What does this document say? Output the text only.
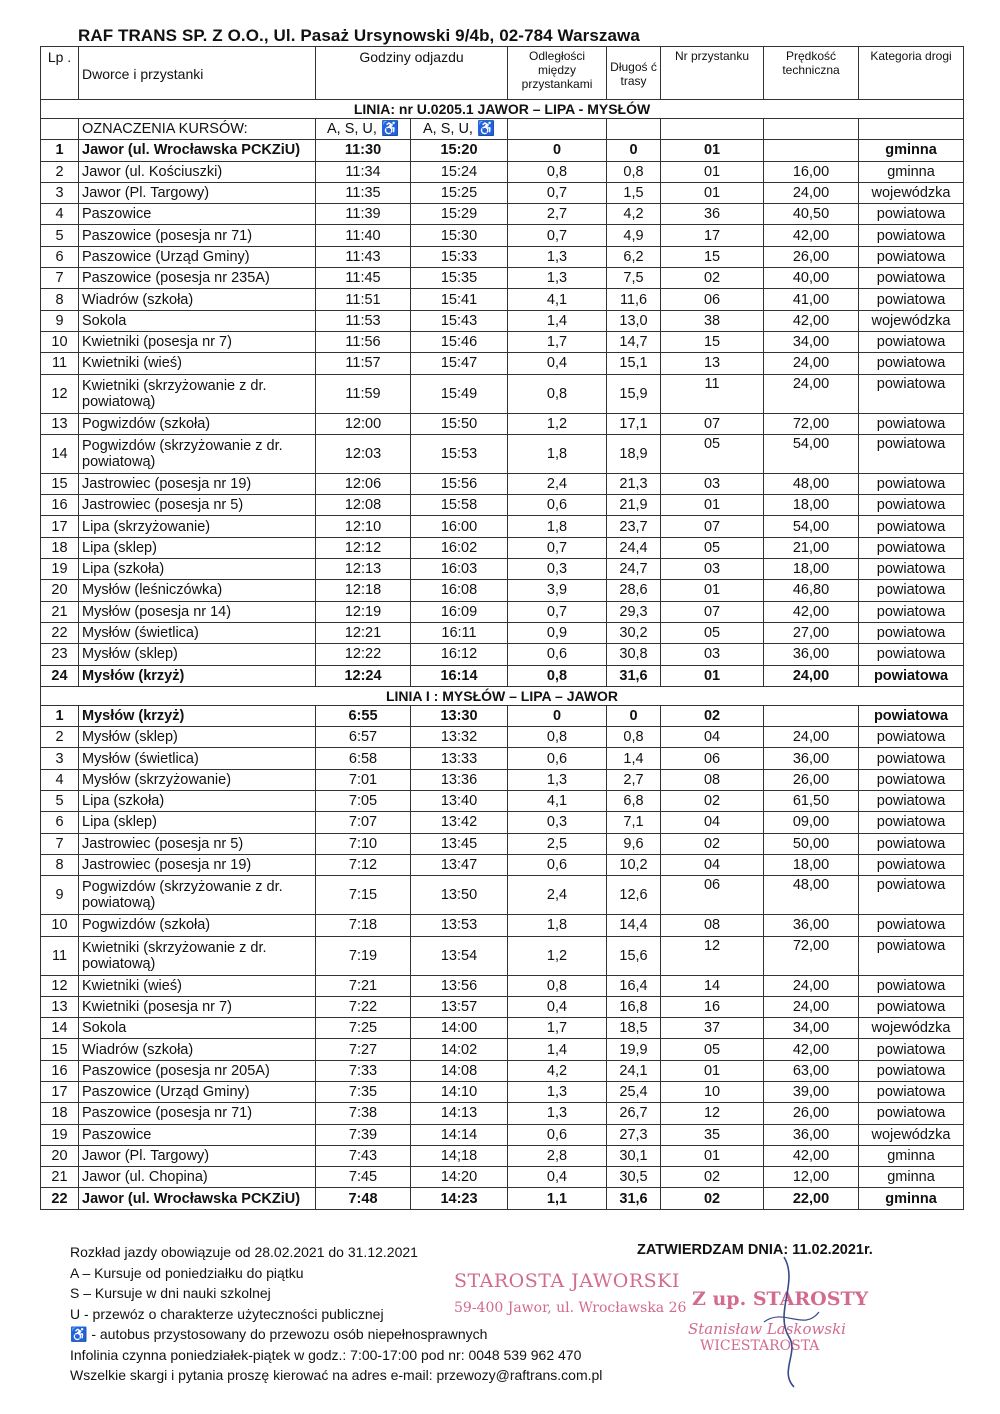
RAF TRANS SP. Z O.O., Ul. Pasaż Ursynowski 9/4b, 02-784 Warszawa
Lp .	Dworce i przystanki	Godziny odjazdu		Odległości między przystankami	Długoś ć trasy	Nr przystanku	Prędkość techniczna	Kategoria drogi
LINIA: nr U.0205.1 JAWOR – LIPA - MYSŁÓW								
	OZNACZENIA KURSÓW:	A, S, U, ♿	A, S, U, ♿					
1	Jawor (ul. Wrocławska PCKZiU)	11:30	15:20	0	0	01		gminna
2	Jawor (ul. Kościuszki)	11:34	15:24	0,8	0,8	01	16,00	gminna
3	Jawor (Pl. Targowy)	11:35	15:25	0,7	1,5	01	24,00	wojewódzka
4	Paszowice	11:39	15:29	2,7	4,2	36	40,50	powiatowa
5	Paszowice (posesja nr 71)	11:40	15:30	0,7	4,9	17	42,00	powiatowa
6	Paszowice (Urząd Gminy)	11:43	15:33	1,3	6,2	15	26,00	powiatowa
7	Paszowice (posesja nr 235A)	11:45	15:35	1,3	7,5	02	40,00	powiatowa
8	Wiadrów (szkoła)	11:51	15:41	4,1	11,6	06	41,00	powiatowa
9	Sokola	11:53	15:43	1,4	13,0	38	42,00	wojewódzka
10	Kwietniki (posesja nr 7)	11:56	15:46	1,7	14,7	15	34,00	powiatowa
11	Kwietniki (wieś)	11:57	15:47	0,4	15,1	13	24,00	powiatowa
12	Kwietniki (skrzyżowanie z dr. powiatową)	11:59	15:49	0,8	15,9	11	24,00	powiatowa
13	Pogwizdów (szkoła)	12:00	15:50	1,2	17,1	07	72,00	powiatowa
14	Pogwizdów (skrzyżowanie z dr. powiatową)	12:03	15:53	1,8	18,9	05	54,00	powiatowa
15	Jastrowiec (posesja nr 19)	12:06	15:56	2,4	21,3	03	48,00	powiatowa
16	Jastrowiec (posesja nr 5)	12:08	15:58	0,6	21,9	01	18,00	powiatowa
17	Lipa (skrzyżowanie)	12:10	16:00	1,8	23,7	07	54,00	powiatowa
18	Lipa (sklep)	12:12	16:02	0,7	24,4	05	21,00	powiatowa
19	Lipa (szkoła)	12:13	16:03	0,3	24,7	03	18,00	powiatowa
20	Mysłów (leśniczówka)	12:18	16:08	3,9	28,6	01	46,80	powiatowa
21	Mysłów (posesja nr 14)	12:19	16:09	0,7	29,3	07	42,00	powiatowa
22	Mysłów (świetlica)	12:21	16:11	0,9	30,2	05	27,00	powiatowa
23	Mysłów (sklep)	12:22	16:12	0,6	30,8	03	36,00	powiatowa
24	Mysłów (krzyż)	12:24	16:14	0,8	31,6	01	24,00	powiatowa
LINIA I : MYSŁÓW – LIPA – JAWOR								
1	Mysłów (krzyż)	6:55	13:30	0	0	02		powiatowa
2	Mysłów (sklep)	6:57	13:32	0,8	0,8	04	24,00	powiatowa
3	Mysłów (świetlica)	6:58	13:33	0,6	1,4	06	36,00	powiatowa
4	Mysłów (skrzyżowanie)	7:01	13:36	1,3	2,7	08	26,00	powiatowa
5	Lipa (szkoła)	7:05	13:40	4,1	6,8	02	61,50	powiatowa
6	Lipa (sklep)	7:07	13:42	0,3	7,1	04	09,00	powiatowa
7	Jastrowiec (posesja nr 5)	7:10	13:45	2,5	9,6	02	50,00	powiatowa
8	Jastrowiec (posesja nr 19)	7:12	13:47	0,6	10,2	04	18,00	powiatowa
9	Pogwizdów (skrzyżowanie z dr. powiatową)	7:15	13:50	2,4	12,6	06	48,00	powiatowa
10	Pogwizdów (szkoła)	7:18	13:53	1,8	14,4	08	36,00	powiatowa
11	Kwietniki (skrzyżowanie z dr. powiatową)	7:19	13:54	1,2	15,6	12	72,00	powiatowa
12	Kwietniki (wieś)	7:21	13:56	0,8	16,4	14	24,00	powiatowa
13	Kwietniki (posesja nr 7)	7:22	13:57	0,4	16,8	16	24,00	powiatowa
14	Sokola	7:25	14:00	1,7	18,5	37	34,00	wojewódzka
15	Wiadrów (szkoła)	7:27	14:02	1,4	19,9	05	42,00	powiatowa
16	Paszowice (posesja nr 205A)	7:33	14:08	4,2	24,1	01	63,00	powiatowa
17	Paszowice (Urząd Gminy)	7:35	14:10	1,3	25,4	10	39,00	powiatowa
18	Paszowice (posesja nr 71)	7:38	14:13	1,3	26,7	12	26,00	powiatowa
19	Paszowice	7:39	14:14	0,6	27,3	35	36,00	wojewódzka
20	Jawor (Pl. Targowy)	7:43	14;18	2,8	30,1	01	42,00	gminna
21	Jawor (ul. Chopina)	7:45	14:20	0,4	30,5	02	12,00	gminna
22	Jawor (ul. Wrocławska PCKZiU)	7:48	14:23	1,1	31,6	02	22,00	gminna
Rozkład jazdy obowiązuje od 28.02.2021 do 31.12.2021
A – Kursuje od poniedziałku do piątku
S – Kursuje w dni nauki szkolnej
U - przewóz o charakterze użyteczności publicznej
♿ - autobus przystosowany do przewozu osób niepełnosprawnych
Infolinia czynna poniedziałek-piątek w godz.: 7:00-17:00 pod nr: 0048 539 962 470
Wszelkie skargi i pytania proszę kierować na adres e-mail: przewozy@raftrans.com.pl
ZATWIERDZAM DNIA: 11.02.2021r.
STAROSTA JAWORSKI
59-400 Jawor, ul. Wrocławska 26 Z up. STAROSTY
Stanisław Laskowski
WICESTAROSTA
